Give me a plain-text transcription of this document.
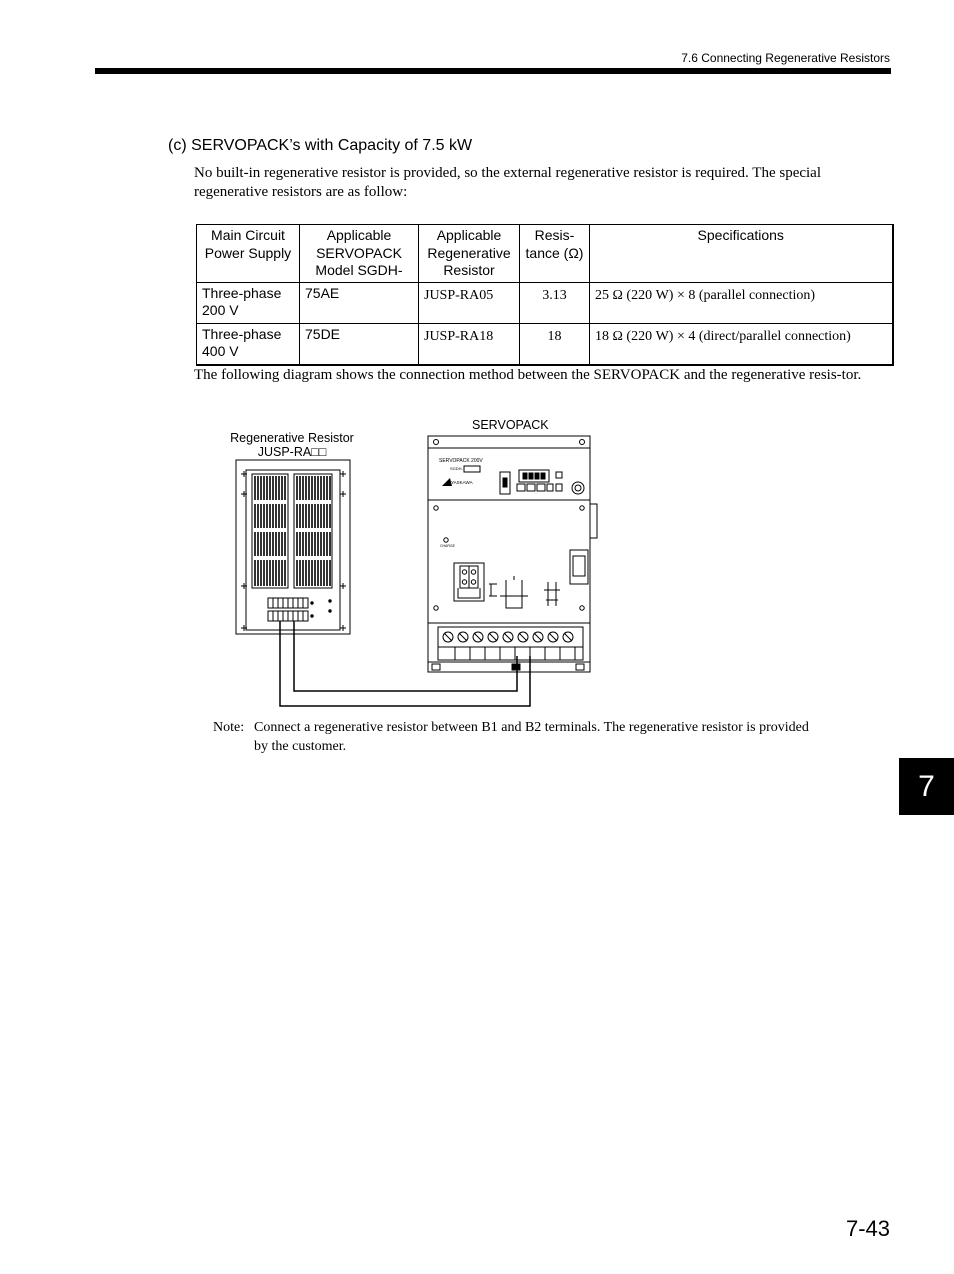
7.6 Connecting Regenerative Resistors
(c) SERVOPACK’s with Capacity of 7.5 kW
No built-in regenerative resistor is provided, so the external regenerative resistor is required. The special regenerative resistors are as follow:
Main Circuit Power Supply	Applicable SERVOPACK Model SGDH-	Applicable Regenerative Resistor	Resis-tance (Ω)	Specifications
Three-phase 200 V	75AE	JUSP-RA05	3.13	25 Ω (220 W) × 8 (parallel connection)
Three-phase 400 V	75DE	JUSP-RA18	18	18 Ω (220 W) × 4 (direct/parallel connection)
The following diagram shows the connection method between the SERVOPACK and the regenerative resis-tor.
Regenerative Resistor
JUSP-RA□□
SERVOPACK
SERVOPACK 200V
SGDH-
YASKAWA
CHARGE
Note: Connect a regenerative resistor between B1 and B2 terminals. The regenerative resistor is provided by the customer.
7
7-43
